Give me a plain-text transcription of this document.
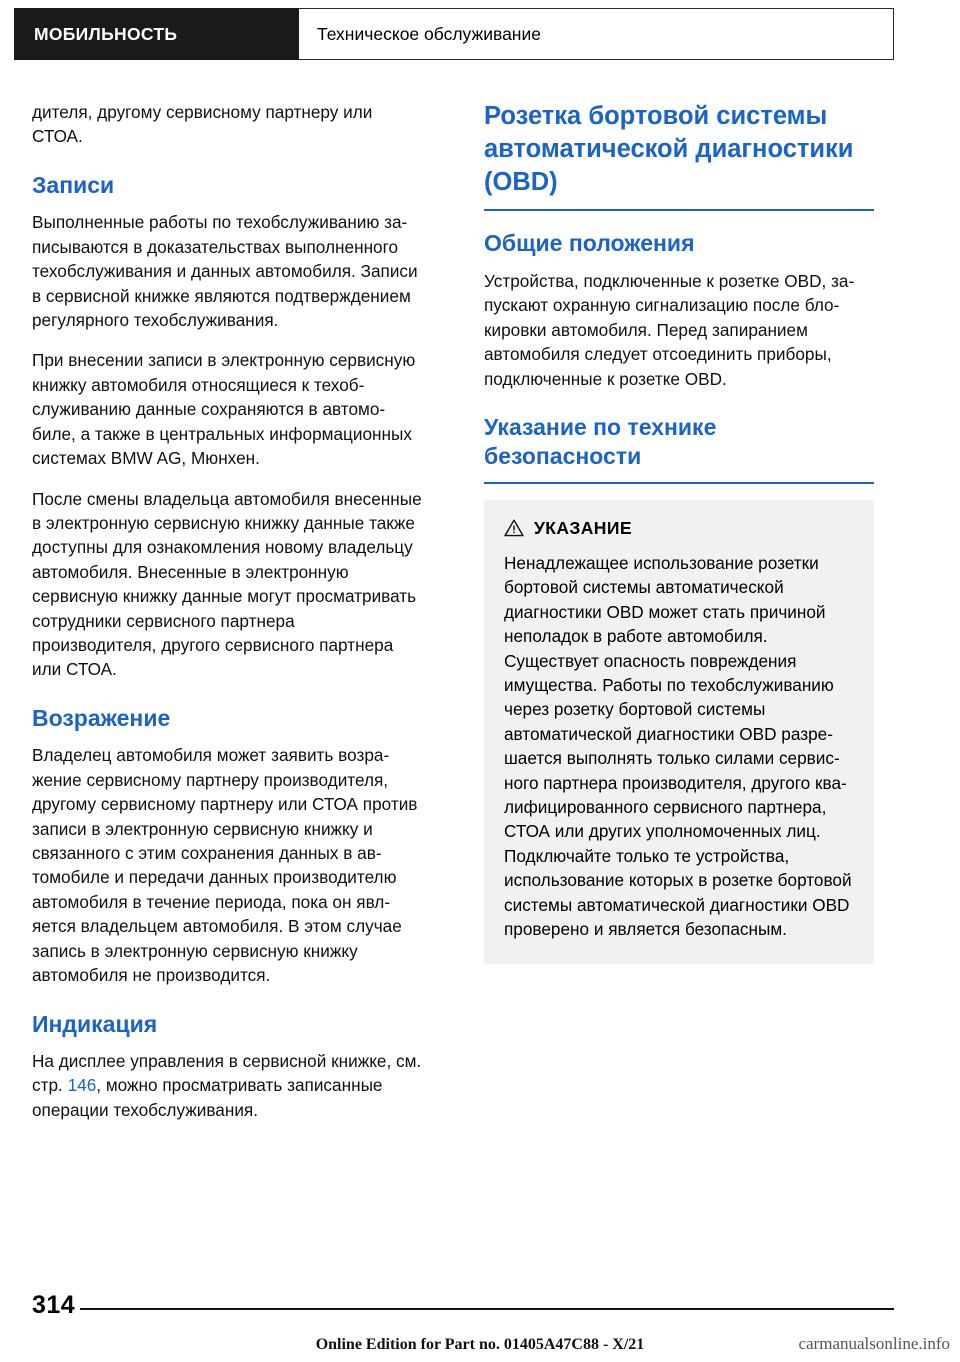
МОБИЛЬНОСТЬ	Техническое обслуживание

дителя, другому сервисному партнеру или СТОА.

Записи

Выполненные работы по техобслуживанию записываются в доказательствах выполненного техобслуживания и данных автомобиля. Записи в сервисной книжке являются подтверждением регулярного техобслуживания.

При внесении записи в электронную сервисную книжку автомобиля относящиеся к техобслуживанию данные сохраняются в автомобиле, а также в центральных информационных системах BMW AG, Мюнхен.

После смены владельца автомобиля внесенные в электронную сервисную книжку данные также доступны для ознакомления новому владельцу автомобиля. Внесенные в электронную сервисную книжку данные могут просматривать сотрудники сервисного партнера производителя, другого сервисного партнера или СТОА.

Возражение

Владелец автомобиля может заявить возражение сервисному партнеру производителя, другому сервисному партнеру или СТОА против записи в электронную сервисную книжку и связанного с этим сохранения данных в автомобиле и передачи данных производителю автомобиля в течение периода, пока он является владельцем автомобиля. В этом случае запись в электронную сервисную книжку автомобиля не производится.

Индикация

На дисплее управления в сервисной книжке, см. стр. 146, можно просматривать записанные операции техобслуживания.

Розетка бортовой системы автоматической диагностики (OBD)
Общие положения

Устройства, подключенные к розетке OBD, запускают охранную сигнализацию после блокировки автомобиля. Перед запиранием автомобиля следует отсоединить приборы, подключенные к розетке OBD.

Указание по технике безопасности
УКАЗАНИЕ

Ненадлежащее использование розетки бортовой системы автоматической диагностики OBD может стать причиной неполадок в работе автомобиля. Существует опасность повреждения имущества. Работы по техобслуживанию через розетку бортовой системы автоматической диагностики OBD разрешается выполнять только силами сервисного партнера производителя, другого квалифицированного сервисного партнера, СТОА или других уполномоченных лиц. Подключайте только те устройства, использование которых в розетке бортовой системы автоматической диагностики OBD проверено и является безопасным.

314
Online Edition for Part no. 01405A47C88 - X/21	carmanualsonline.info
